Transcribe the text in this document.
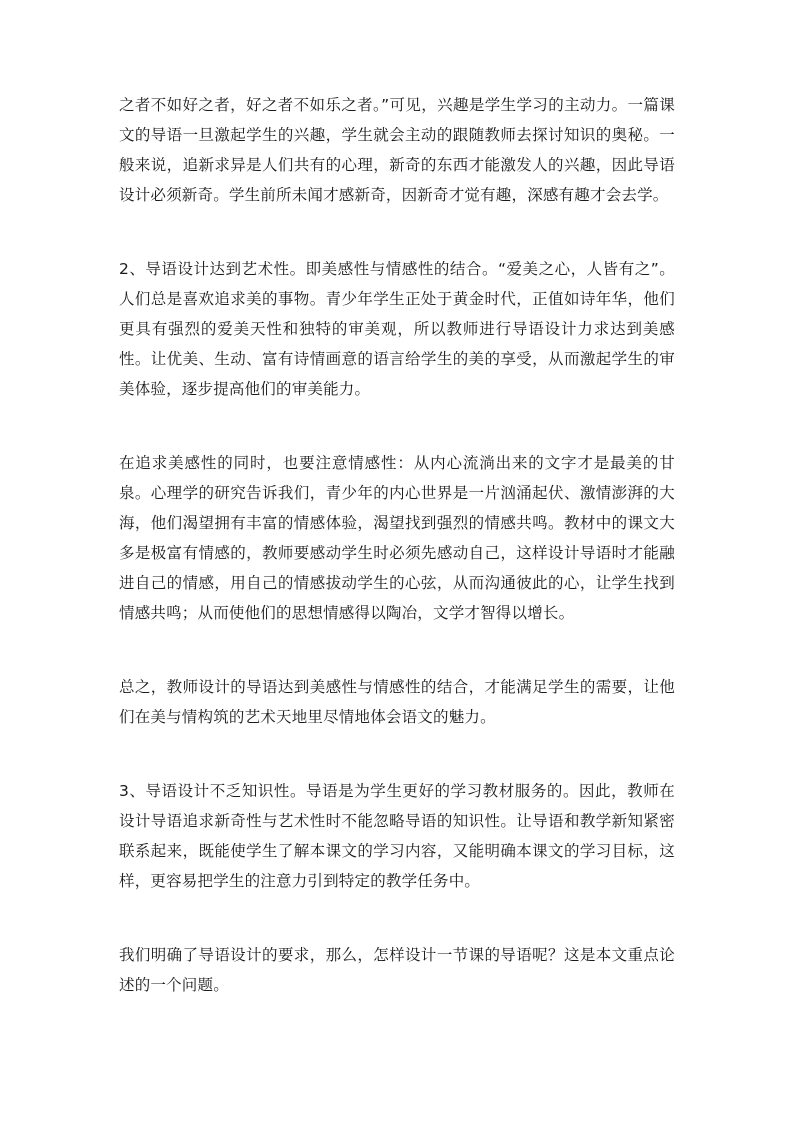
之者不如好之者，好之者不如乐之者。”可见，兴趣是学生学习的主动力。一篇课文的导语一旦激起学生的兴趣，学生就会主动的跟随教师去探讨知识的奥秘。一般来说，追新求异是人们共有的心理，新奇的东西才能激发人的兴趣，因此导语设计必须新奇。学生前所未闻才感新奇，因新奇才觉有趣，深感有趣才会去学。

2、导语设计达到艺术性。即美感性与情感性的结合。“爱美之心，人皆有之”。人们总是喜欢追求美的事物。青少年学生正处于黄金时代，正值如诗年华，他们更具有强烈的爱美天性和独特的审美观，所以教师进行导语设计力求达到美感性。让优美、生动、富有诗情画意的语言给学生的美的享受，从而激起学生的审美体验，逐步提高他们的审美能力。

在追求美感性的同时，也要注意情感性：从内心流淌出来的文字才是最美的甘泉。心理学的研究告诉我们，青少年的内心世界是一片汹涌起伏、激情澎湃的大海，他们渴望拥有丰富的情感体验，渴望找到强烈的情感共鸣。教材中的课文大多是极富有情感的，教师要感动学生时必须先感动自己，这样设计导语时才能融进自己的情感，用自己的情感拔动学生的心弦，从而沟通彼此的心，让学生找到情感共鸣；从而使他们的思想情感得以陶冶，文学才智得以增长。

总之，教师设计的导语达到美感性与情感性的结合，才能满足学生的需要，让他们在美与情构筑的艺术天地里尽情地体会语文的魅力。

3、导语设计不乏知识性。导语是为学生更好的学习教材服务的。因此，教师在设计导语追求新奇性与艺术性时不能忽略导语的知识性。让导语和教学新知紧密联系起来，既能使学生了解本课文的学习内容，又能明确本课文的学习目标，这样，更容易把学生的注意力引到特定的教学任务中。

我们明确了导语设计的要求，那么，怎样设计一节课的导语呢？这是本文重点论述的一个问题。
